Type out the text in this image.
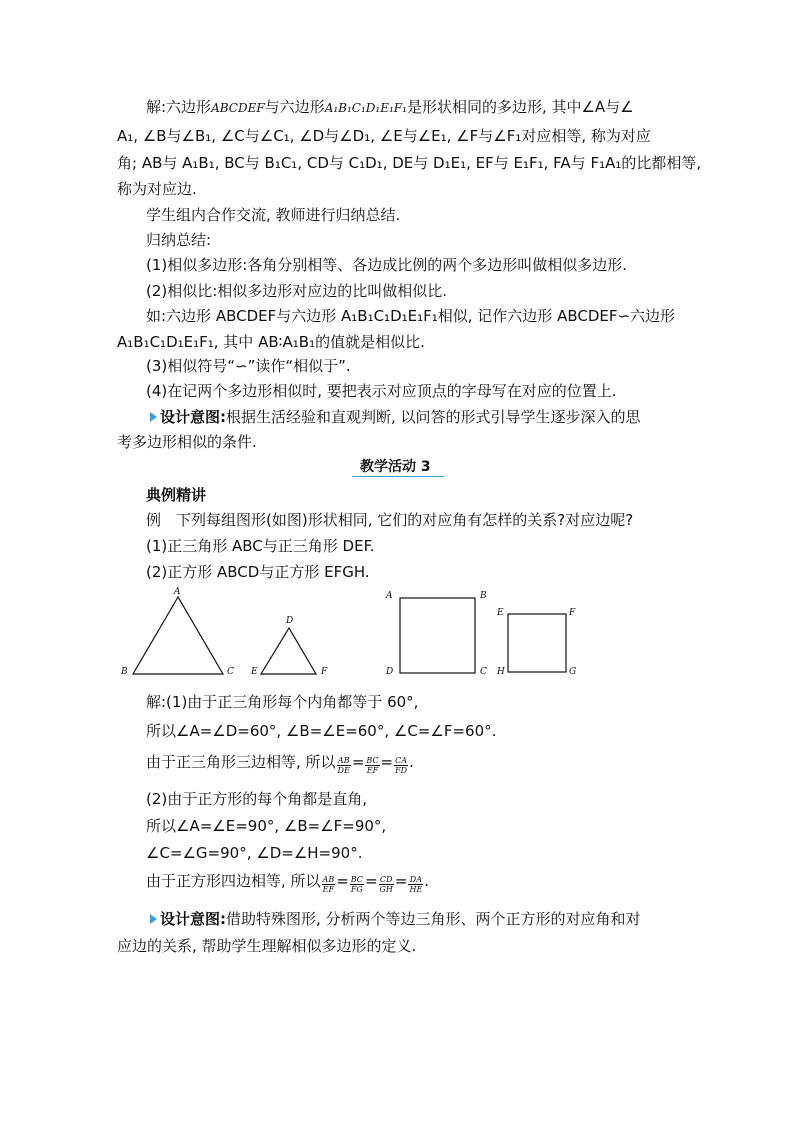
解:六边形ABCDEF与六边形A₁B₁C₁D₁E₁F₁是形状相同的多边形, 其中∠A与∠
A₁, ∠B与∠B₁, ∠C与∠C₁, ∠D与∠D₁, ∠E与∠E₁, ∠F与∠F₁对应相等, 称为对应
角; AB与 A₁B₁, BC与 B₁C₁, CD与 C₁D₁, DE与 D₁E₁, EF与 E₁F₁, FA与 F₁A₁的比都相等,
称为对应边.
学生组内合作交流, 教师进行归纳总结.
归纳总结:
(1)相似多边形:各角分别相等、各边成比例的两个多边形叫做相似多边形.
(2)相似比:相似多边形对应边的比叫做相似比.
如:六边形 ABCDEF与六边形 A₁B₁C₁D₁E₁F₁相似, 记作六边形 ABCDEF∽六边形
A₁B₁C₁D₁E₁F₁, 其中 AB∶A₁B₁的值就是相似比.
(3)相似符号“∽”读作“相似于”.
(4)在记两个多边形相似时, 要把表示对应顶点的字母写在对应的位置上.
设计意图:根据生活经验和直观判断, 以问答的形式引导学生逐步深入的思
考多边形相似的条件.
教学活动 3
典例精讲
例　下列每组图形(如图)形状相同, 它们的对应角有怎样的关系?对应边呢?
(1)正三角形 ABC与正三角形 DEF.
(2)正方形 ABCD与正方形 EFGH.
A
B	C
D
E	F
A	B
C
D
E	F
G
H
解:(1)由于正三角形每个内角都等于 60°,
所以∠A=∠D=60°, ∠B=∠E=60°, ∠C=∠F=60°.
由于正三角形三边相等, 所以 $\frac{AB}{DE} = \frac{BC}{EF} = \frac{CA}{FD}$ .
(2)由于正方形的每个角都是直角,
所以∠A=∠E=90°, ∠B=∠F=90°,
∠C=∠G=90°, ∠D=∠H=90°.
由于正方形四边相等, 所以 $\frac{AB}{EF} = \frac{BC}{FG} = \frac{CD}{GH} = \frac{DA}{HE}$ .
设计意图:借助特殊图形, 分析两个等边三角形、两个正方形的对应角和对
应边的关系, 帮助学生理解相似多边形的定义.
